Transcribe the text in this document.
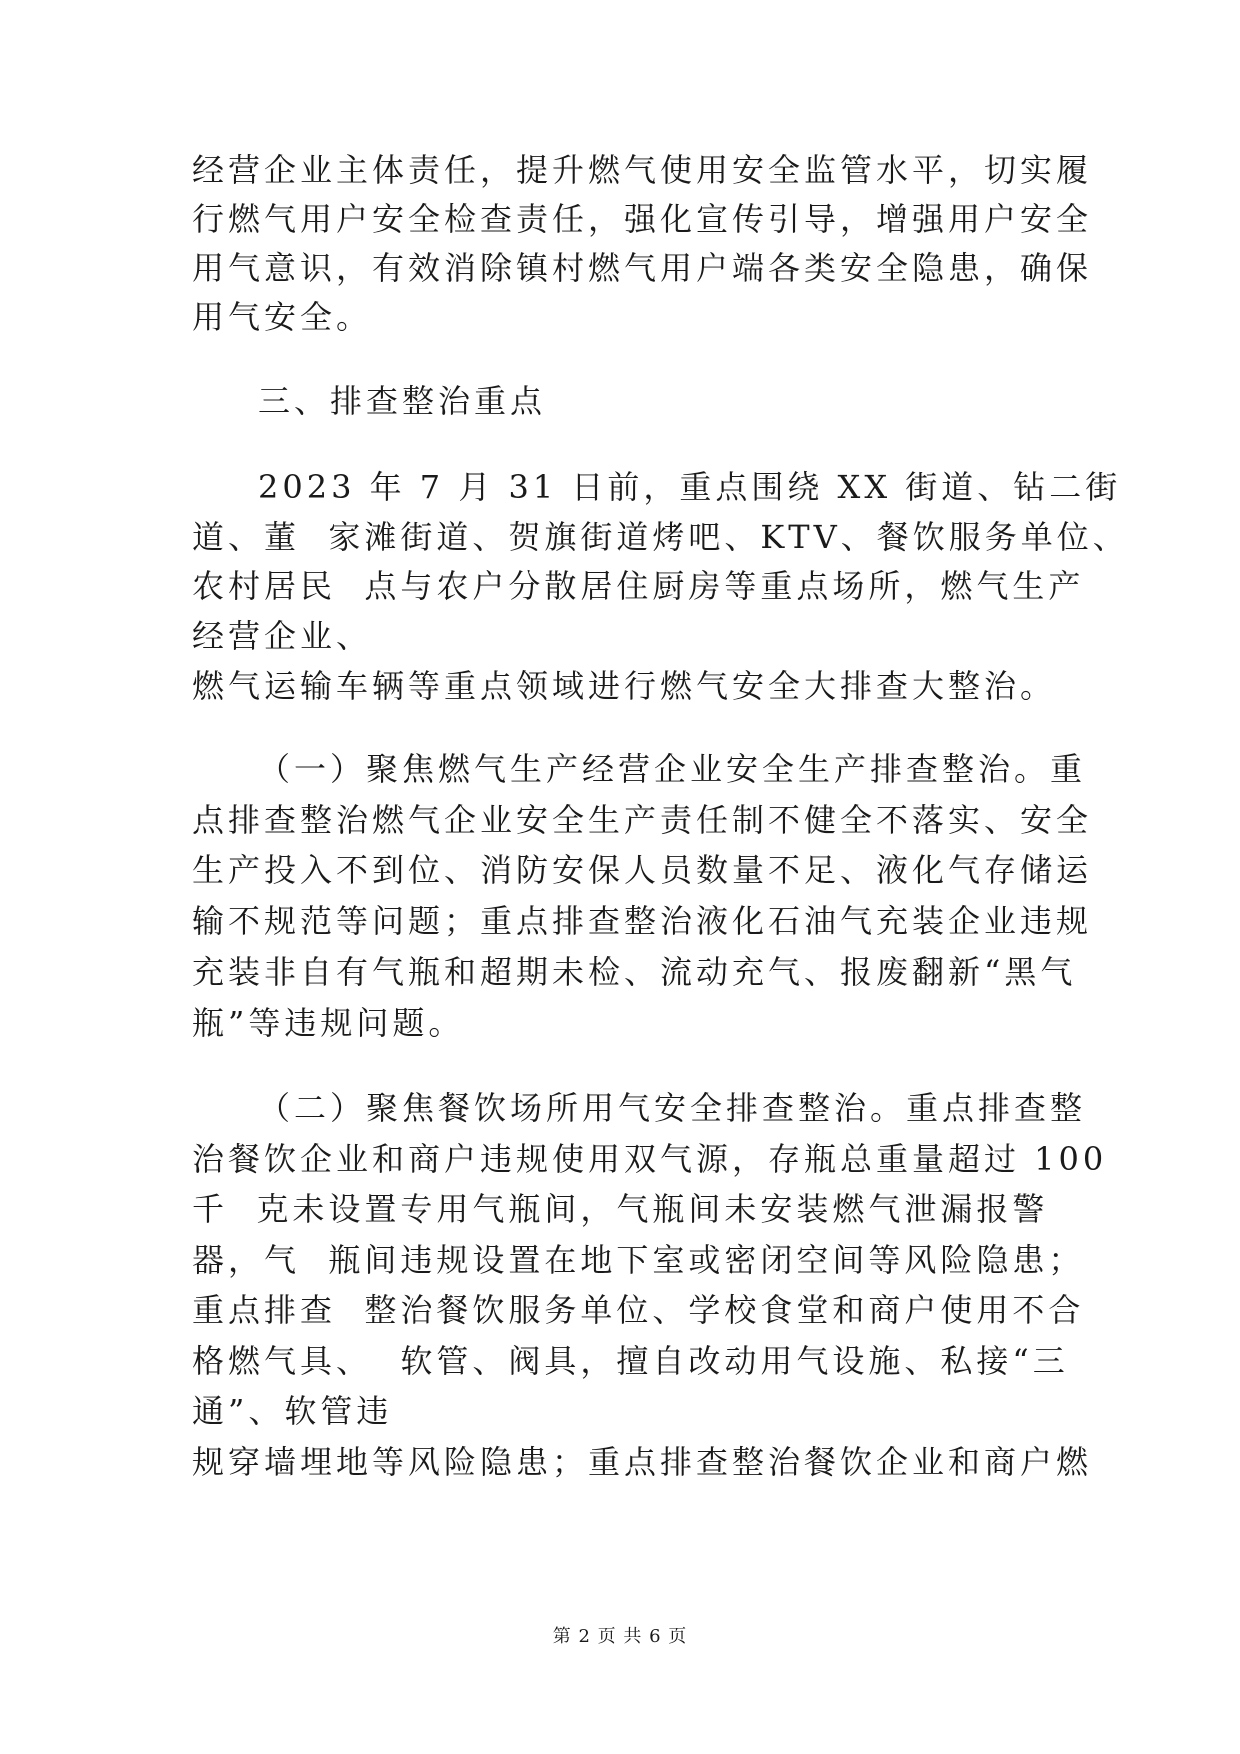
经营企业主体责任，提升燃气使用安全监管水平，切实履
行燃气用户安全检查责任，强化宣传引导，增强用户安全
用气意识，有效消除镇村燃气用户端各类安全隐患，确保
用气安全。
三、排查整治重点
2023 年 7 月 31 日前，重点围绕 XX 街道、钻二街
道、董  家滩街道、贺旗街道烤吧、KTV、餐饮服务单位、
农村居民  点与农户分散居住厨房等重点场所，燃气生产
经营企业、
燃气运输车辆等重点领域进行燃气安全大排查大整治。
（一）聚焦燃气生产经营企业安全生产排查整治。重
点排查整治燃气企业安全生产责任制不健全不落实、安全
生产投入不到位、消防安保人员数量不足、液化气存储运
输不规范等问题；重点排查整治液化石油气充装企业违规
充装非自有气瓶和超期未检、流动充气、报废翻新“黑气
瓶”等违规问题。
（二）聚焦餐饮场所用气安全排查整治。重点排查整
治餐饮企业和商户违规使用双气源，存瓶总重量超过 100
千  克未设置专用气瓶间，气瓶间未安装燃气泄漏报警
器，气  瓶间违规设置在地下室或密闭空间等风险隐患；
重点排查  整治餐饮服务单位、学校食堂和商户使用不合
格燃气具、  软管、阀具，擅自改动用气设施、私接“三
通”、软管违
规穿墙埋地等风险隐患；重点排查整治餐饮企业和商户燃
第 2 页 共 6 页
